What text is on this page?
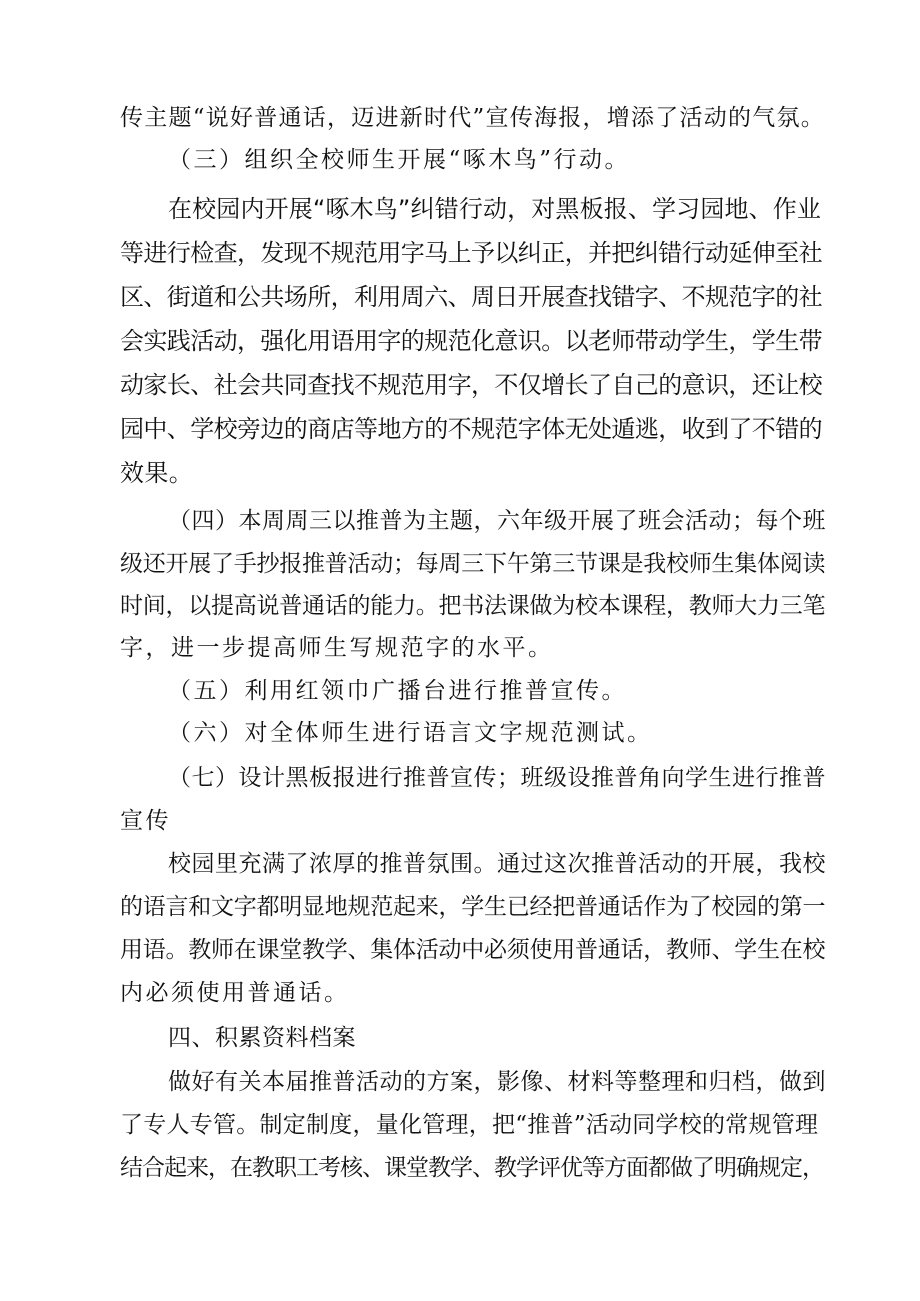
传主题“说好普通话，迈进新时代”宣传海报，增添了活动的气氛。

（三）组织全校师生开展“啄木鸟”行动。

在校园内开展“啄木鸟”纠错行动，对黑板报、学习园地、作业

等进行检查，发现不规范用字马上予以纠正，并把纠错行动延伸至社

区、街道和公共场所，利用周六、周日开展查找错字、不规范字的社

会实践活动，强化用语用字的规范化意识。以老师带动学生，学生带

动家长、社会共同查找不规范用字，不仅增长了自己的意识，还让校

园中、学校旁边的商店等地方的不规范字体无处遁逃，收到了不错的

效果。

（四）本周周三以推普为主题，六年级开展了班会活动；每个班

级还开展了手抄报推普活动；每周三下午第三节课是我校师生集体阅读

时间，以提高说普通话的能力。把书法课做为校本课程，教师大力三笔

字，进一步提高师生写规范字的水平。

（五）利用红领巾广播台进行推普宣传。

（六）对全体师生进行语言文字规范测试。

（七）设计黑板报进行推普宣传；班级设推普角向学生进行推普

宣传

校园里充满了浓厚的推普氛围。通过这次推普活动的开展，我校

的语言和文字都明显地规范起来，学生已经把普通话作为了校园的第一

用语。教师在课堂教学、集体活动中必须使用普通话，教师、学生在校

内必须使用普通话。

四、积累资料档案

做好有关本届推普活动的方案，影像、材料等整理和归档，做到

了专人专管。制定制度，量化管理，把“推普”活动同学校的常规管理

结合起来，在教职工考核、课堂教学、教学评优等方面都做了明确规定，
